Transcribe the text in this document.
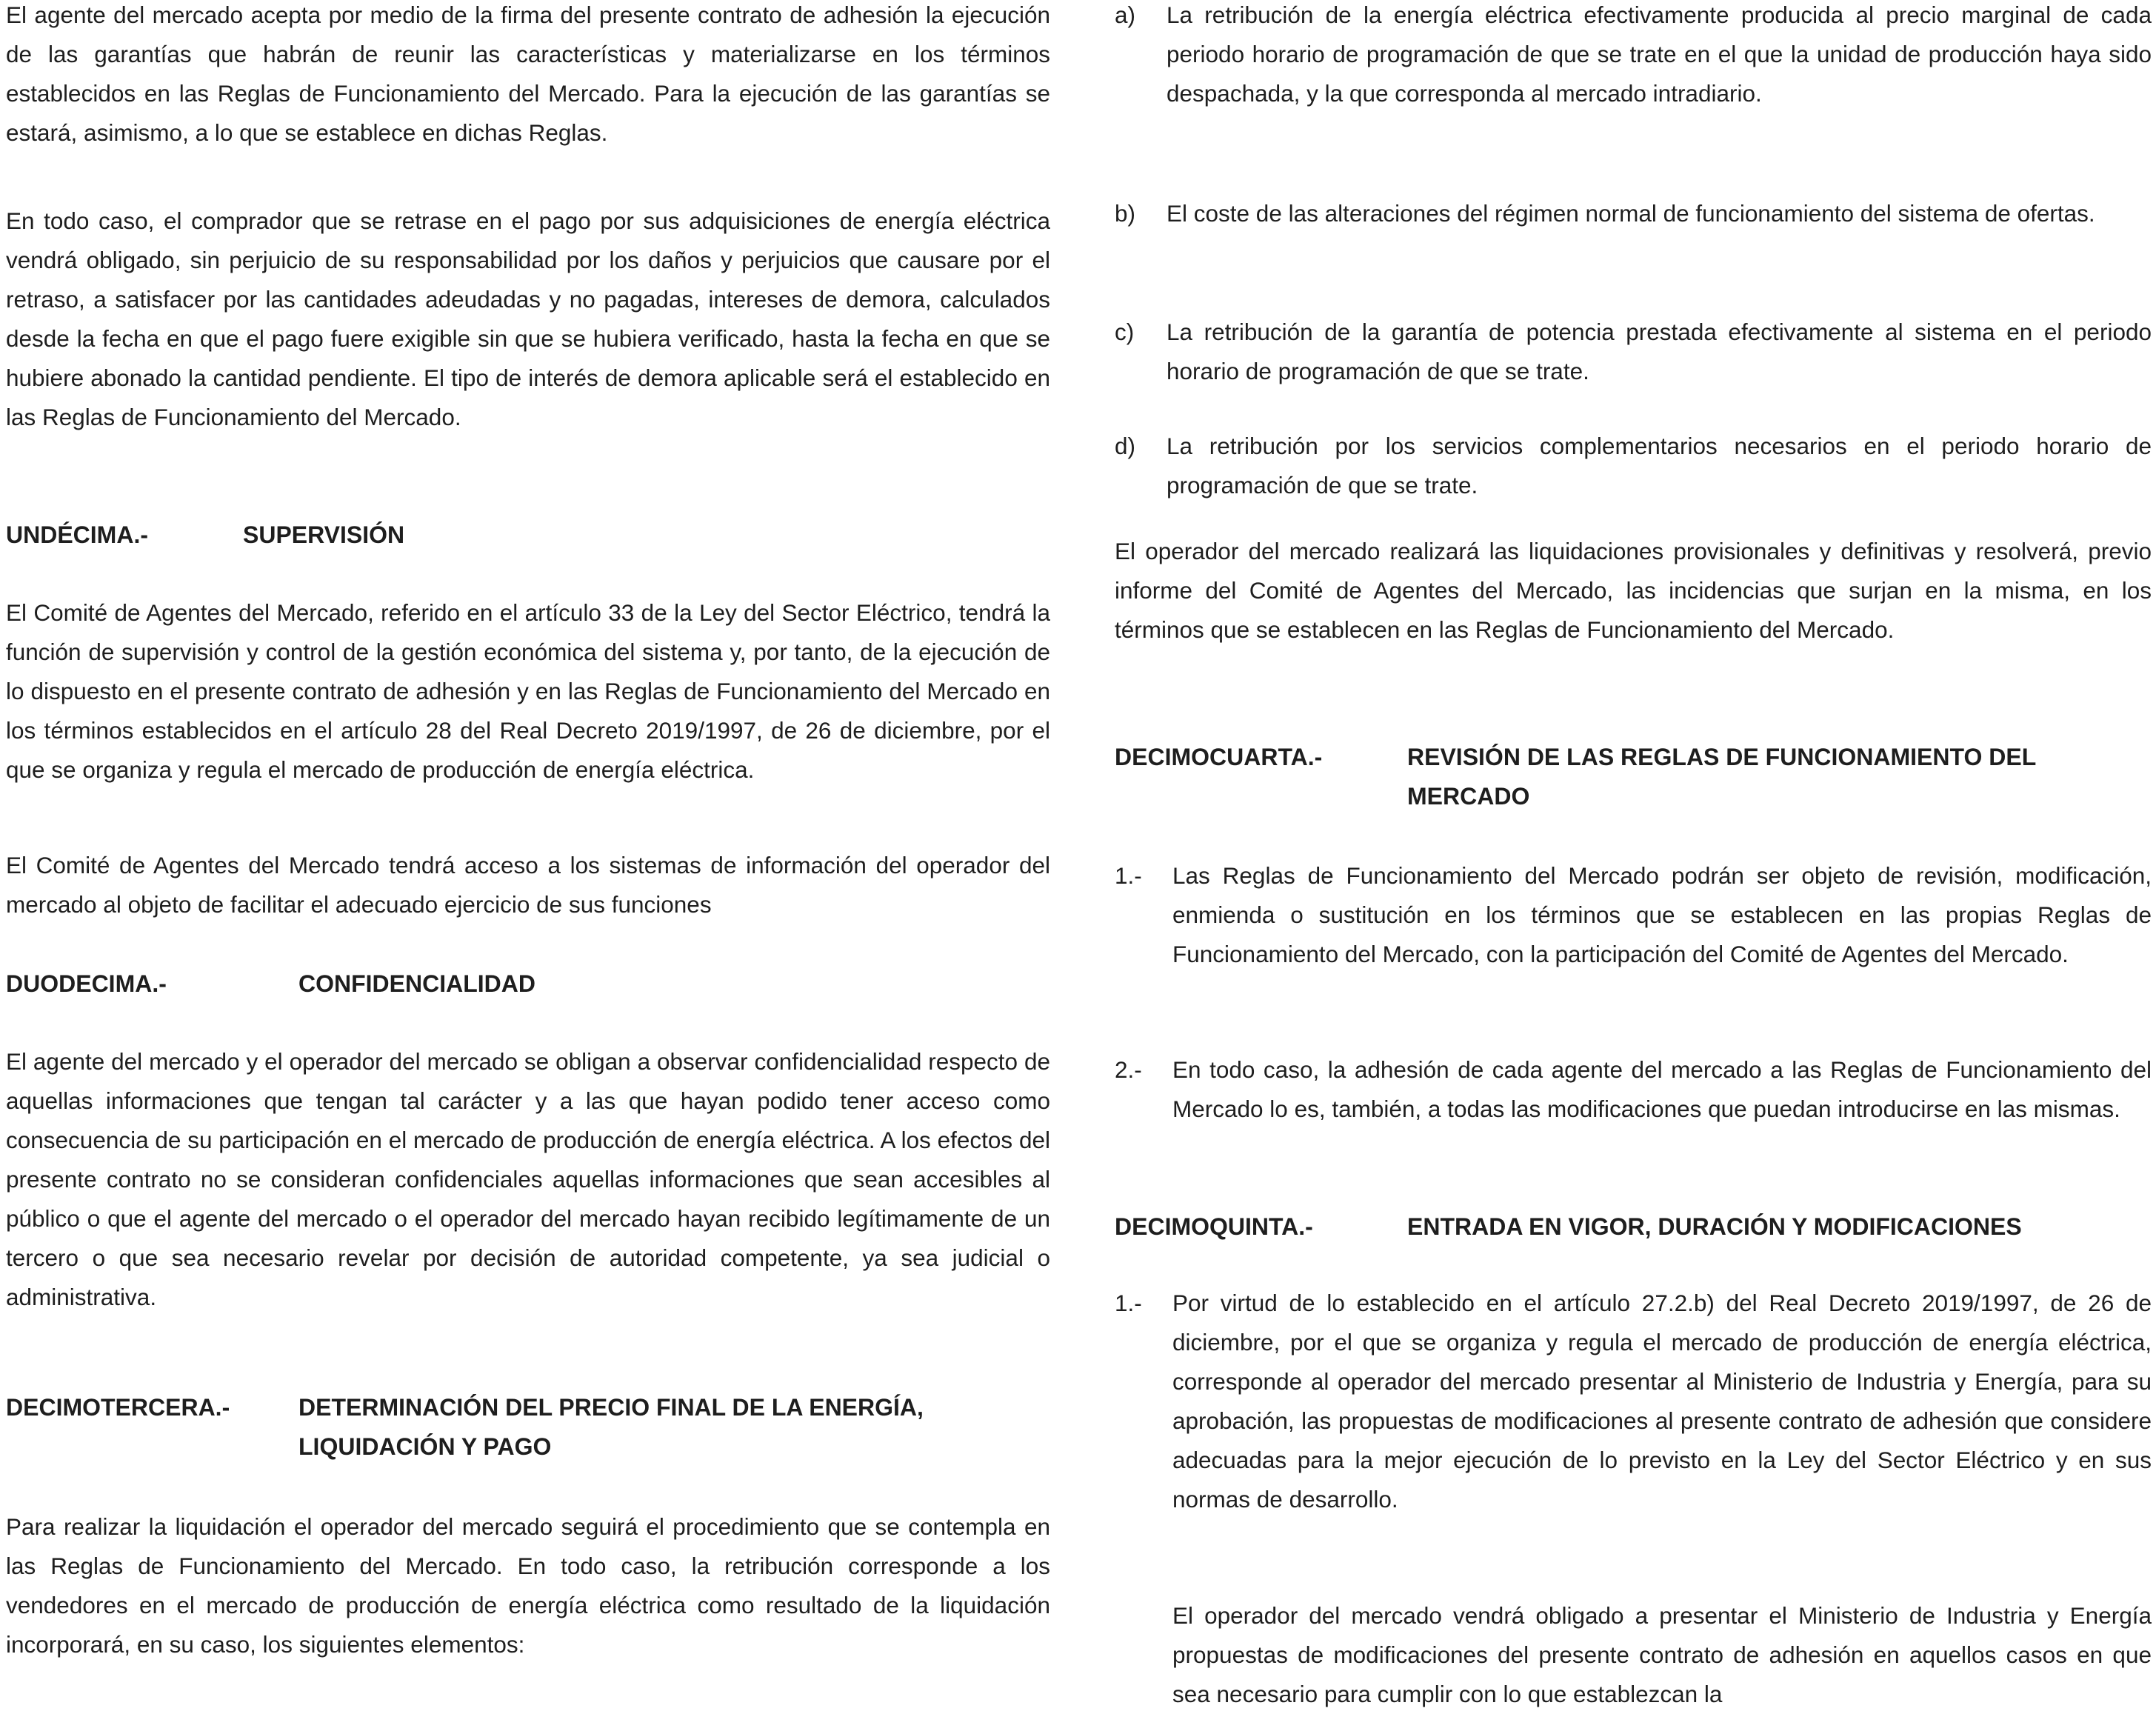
El agente del mercado acepta por medio de la firma del presente contrato de adhesión la ejecución de las garantías que habrán de reunir las características y materializarse en los términos establecidos en las Reglas de Funcionamiento del Mercado. Para la ejecución de las garantías se estará, asimismo, a lo que se establece en dichas Reglas.

En todo caso, el comprador que se retrase en el pago por sus adquisiciones de energía eléctrica vendrá obligado, sin perjuicio de su responsabilidad por los daños y perjuicios que causare por el retraso, a satisfacer por las cantidades adeudadas y no pagadas, intereses de demora, calculados desde la fecha en que el pago fuere exigible sin que se hubiera verificado, hasta la fecha en que se hubiere abonado la cantidad pendiente. El tipo de interés de demora aplicable será el establecido en las Reglas de Funcionamiento del Mercado.

UNDÉCIMA.-	SUPERVISIÓN

El Comité de Agentes del Mercado, referido en el artículo 33 de la Ley del Sector Eléctrico, tendrá la función de supervisión y control de la gestión económica del sistema y, por tanto, de la ejecución de lo dispuesto en el presente contrato de adhesión y en las Reglas de Funcionamiento del Mercado en los términos establecidos en el artículo 28 del Real Decreto 2019/1997, de 26 de diciembre, por el que se organiza y regula el mercado de producción de energía eléctrica.

El Comité de Agentes del Mercado tendrá acceso a los sistemas de información del operador del mercado al objeto de facilitar el adecuado ejercicio de sus funciones

DUODECIMA.-	CONFIDENCIALIDAD

El agente del mercado y el operador del mercado se obligan a observar confidencialidad respecto de aquellas informaciones que tengan tal carácter y a las que hayan podido tener acceso como consecuencia de su participación en el mercado de producción de energía eléctrica. A los efectos del presente contrato no se consideran confidenciales aquellas informaciones que sean accesibles al público o que el agente del mercado o el operador del mercado hayan recibido legítimamente de un tercero o que sea necesario revelar por decisión de autoridad competente, ya sea judicial o administrativa.

DECIMOTERCERA.-	DETERMINACIÓN DEL PRECIO FINAL DE LA ENERGÍA, LIQUIDACIÓN Y PAGO

Para realizar la liquidación el operador del mercado seguirá el procedimiento que se contempla en las Reglas de Funcionamiento del Mercado. En todo caso, la retribución corresponde a los vendedores en el mercado de producción de energía eléctrica como resultado de la liquidación incorporará, en su caso, los siguientes elementos:

a)	La retribución de la energía eléctrica efectivamente producida al precio marginal de cada periodo horario de programación de que se trate en el que la unidad de producción haya sido despachada, y la que corresponda al mercado intradiario.
b)	El coste de las alteraciones del régimen normal de funcionamiento del sistema de ofertas.
c)	La retribución de la garantía de potencia prestada efectivamente al sistema en el periodo horario de programación de que se trate.
d)	La retribución por los servicios complementarios necesarios en el periodo horario de programación de que se trate.

El operador del mercado realizará las liquidaciones provisionales y definitivas y resolverá, previo informe del Comité de Agentes del Mercado, las incidencias que surjan en la misma, en los términos que se establecen en las Reglas de Funcionamiento del Mercado.

DECIMOCUARTA.-	REVISIÓN DE LAS REGLAS DE FUNCIONAMIENTO DEL MERCADO
1.-	Las Reglas de Funcionamiento del Mercado podrán ser objeto de revisión, modificación, enmienda o sustitución en los términos que se establecen en las propias Reglas de Funcionamiento del Mercado, con la participación del Comité de Agentes del Mercado.
2.-	En todo caso, la adhesión de cada agente del mercado a las Reglas de Funcionamiento del Mercado lo es, también, a todas las modificaciones que puedan introducirse en las mismas.
DECIMOQUINTA.-	ENTRADA EN VIGOR, DURACIÓN Y MODIFICACIONES
1.-	Por virtud de lo establecido en el artículo 27.2.b) del Real Decreto 2019/1997, de 26 de diciembre, por el que se organiza y regula el mercado de producción de energía eléctrica, corresponde al operador del mercado presentar al Ministerio de Industria y Energía, para su aprobación, las propuestas de modificaciones al presente contrato de adhesión que considere adecuadas para la mejor ejecución de lo previsto en la Ley del Sector Eléctrico y en sus normas de desarrollo.

El operador del mercado vendrá obligado a presentar el Ministerio de Industria y Energía propuestas de modificaciones del presente contrato de adhesión en aquellos casos en que sea necesario para cumplir con lo que establezcan la
